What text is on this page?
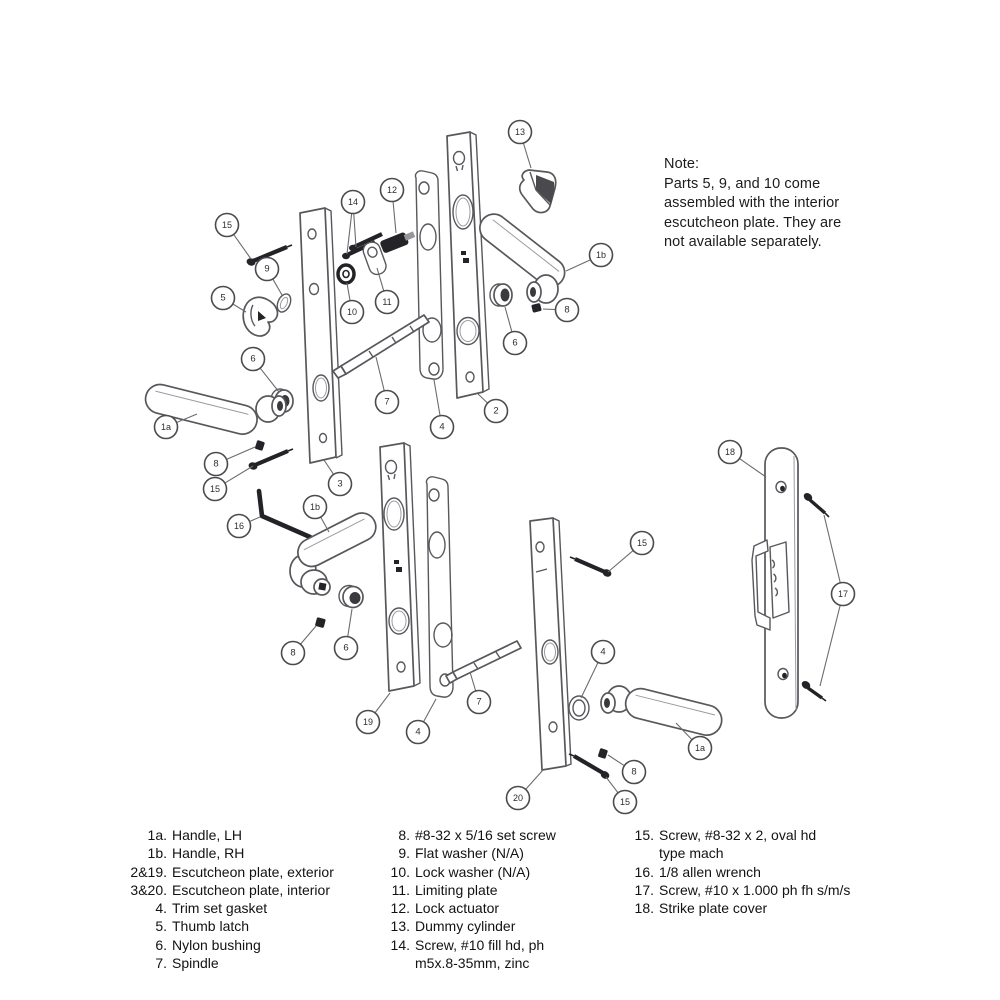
15
9
5
6
1a
8
15	3
14
12
10
11
7
4
2
13
1b
6
8
16
1b
8	6
19
4
7
20
15
4
1a
8
15
18
17
Note:
Parts 5, 9, and 10 come
assembled with the interior
escutcheon plate. They are
not available separately.
1a. Handle, LH
1b. Handle, RH
2&19. Escutcheon plate, exterior
3&20. Escutcheon plate, interior
4. Trim set gasket
5. Thumb latch
6. Nylon bushing
7. Spindle
8. #8-32 x 5/16 set screw
9. Flat washer (N/A)
10. Lock washer (N/A)
11. Limiting plate
12. Lock actuator
13. Dummy cylinder
14. Screw, #10 fill hd, ph
m5x.8-35mm, zinc
15. Screw, #8-32 x 2, oval hd
type mach
16. 1/8 allen wrench
17. Screw, #10 x 1.000 ph fh s/m/s
18. Strike plate cover
